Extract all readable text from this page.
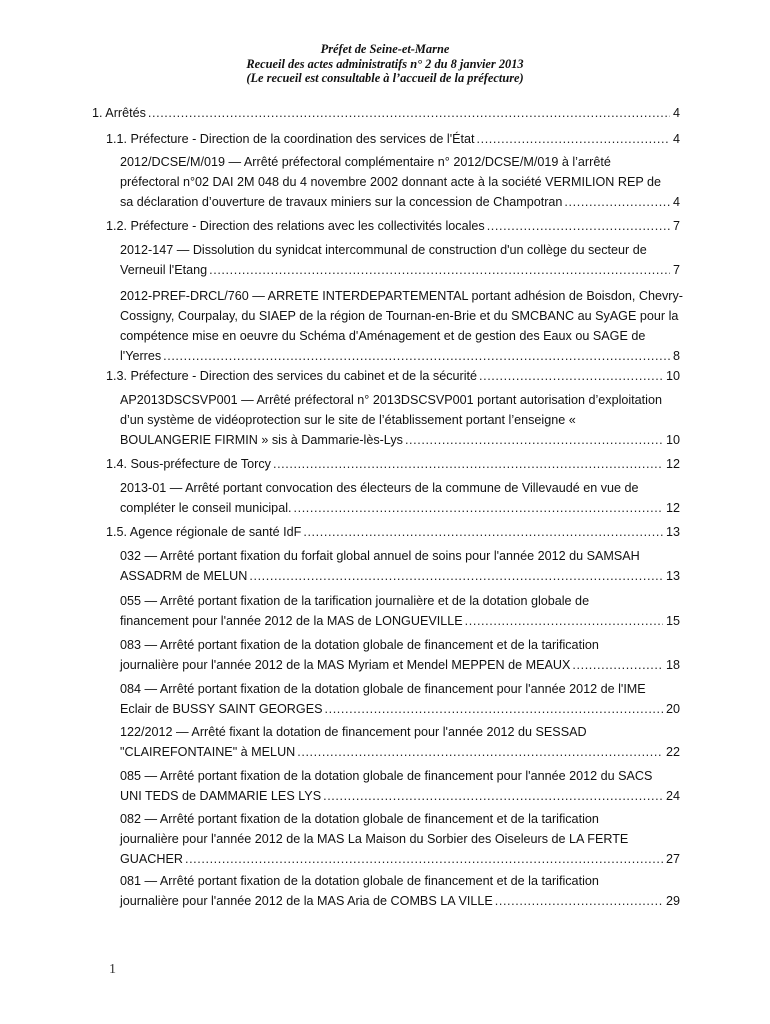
Préfet de Seine-et-Marne
Recueil des actes administratifs n° 2 du 8 janvier 2013
(Le recueil est consultable à l’accueil de la préfecture)
1. Arrêtés .....	4
1.1. Préfecture - Direction de la coordination des services de l'État .....	4
2012/DCSE/M/019 — Arrêté préfectoral complémentaire n° 2012/DCSE/M/019 à l’arrêté
préfectoral n°02 DAI 2M 048 du 4 novembre 2002 donnant acte à la société VERMILION REP de
sa déclaration d’ouverture de travaux miniers sur la concession de Champotran .....	4
1.2. Préfecture - Direction des relations avec les collectivités locales .....	7
2012-147 — Dissolution du synidcat intercommunal de construction d'un collège du secteur de
Verneuil l'Etang .....	7
2012-PREF-DRCL/760 — ARRETE INTERDEPARTEMENTAL portant adhésion de Boisdon, Chevry-
Cossigny, Courpalay, du SIAEP de la région de Tournan-en-Brie et du SMCBANC au SyAGE pour la
compétence mise en oeuvre du Schéma d'Aménagement et de gestion des Eaux ou SAGE de
l'Yerres .....	8
1.3. Préfecture - Direction des services du cabinet et de la sécurité .....	10
AP2013DSCSVP001 — Arrêté préfectoral n° 2013DSCSVP001 portant autorisation d’exploitation
d’un système de vidéoprotection sur le site de l’établissement portant l’enseigne «
BOULANGERIE FIRMIN » sis à Dammarie-lès-Lys .....	10
1.4. Sous-préfecture de Torcy .....	12
2013-01 — Arrêté portant convocation des électeurs de la commune de Villevaudé en vue de
compléter le conseil municipal. .....	12
1.5. Agence régionale de santé IdF .....	13
032 — Arrêté portant fixation du forfait global annuel de soins pour l'année 2012 du SAMSAH
ASSADRM de MELUN .....	13
055 — Arrêté portant fixation de la tarification journalière et de la dotation globale de
financement pour l'année 2012 de la MAS de LONGUEVILLE .....	15
083 — Arrêté portant fixation de la dotation globale de financement et de la tarification
journalière pour l'année 2012 de la MAS Myriam et Mendel MEPPEN de MEAUX .....	18
084 — Arrêté portant fixation de la dotation globale de financement pour l'année 2012 de l'IME
Eclair de BUSSY SAINT GEORGES .....	20
122/2012 — Arrêté fixant la dotation de financement pour l'année 2012 du SESSAD
"CLAIREFONTAINE" à MELUN .....	22
085 — Arrêté portant fixation de la dotation globale de financement pour l'année 2012 du SACS
UNI TEDS de DAMMARIE LES LYS .....	24
082 — Arrêté portant fixation de la dotation globale de financement et de la tarification
journalière pour l'année 2012 de la MAS La Maison du Sorbier des Oiseleurs de LA FERTE
GUACHER .....	27
081 — Arrêté portant fixation de la dotation globale de financement et de la tarification
journalière pour l'année 2012 de la MAS Aria de COMBS LA VILLE .....	29
1
